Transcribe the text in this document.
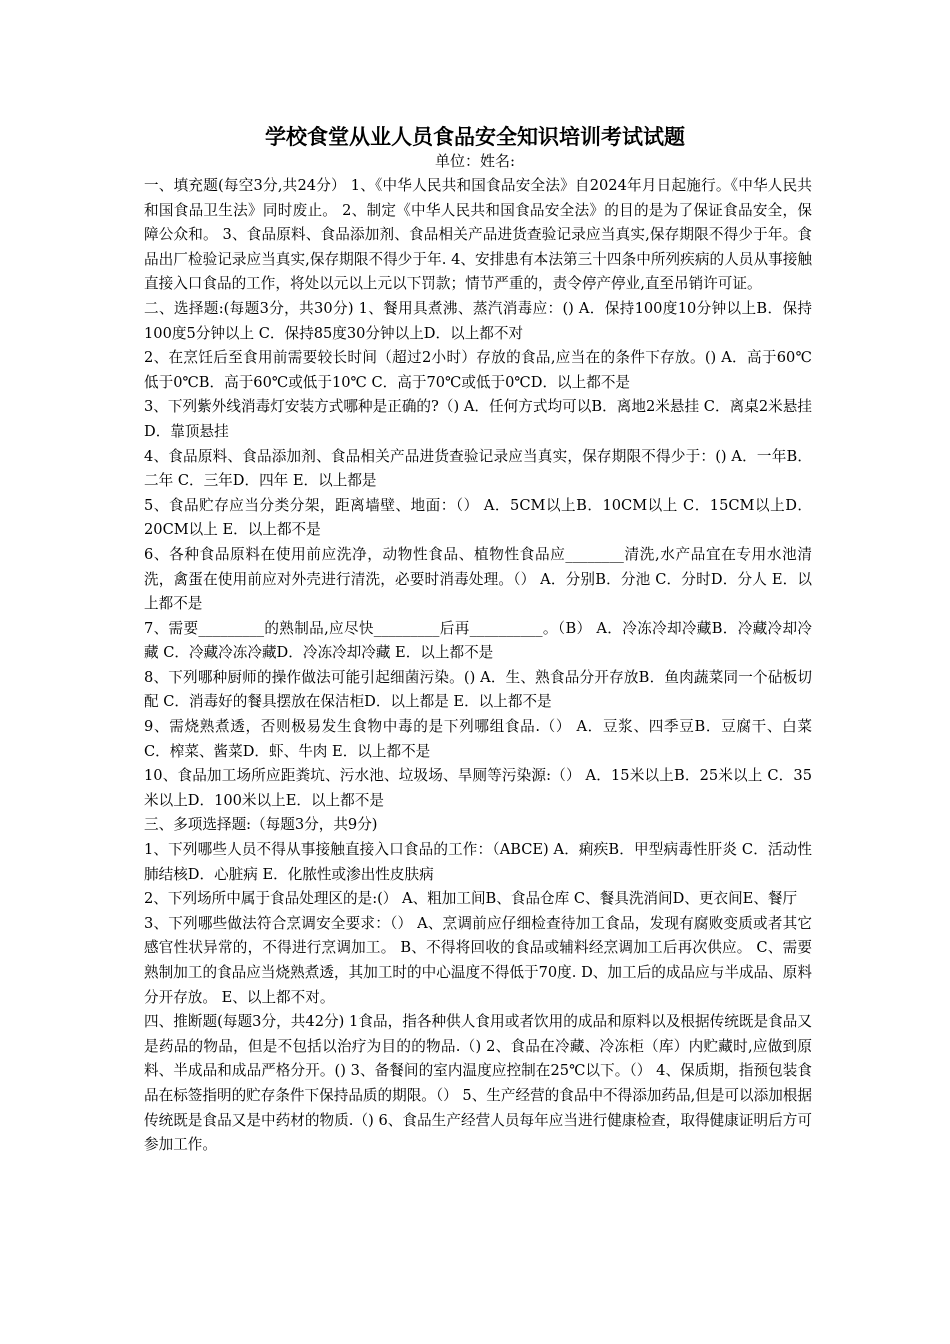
学校食堂从业人员食品安全知识培训考试试题
单位：姓名:

一、填充题(每空3分,共24分） 1、《中华人民共和国食品安全法》自2024年月日起施行。《中华人民共和国食品卫生法》同时废止。 2、制定《中华人民共和国食品安全法》的目的是为了保证食品安全，保障公众和。 3、食品原料、食品添加剂、食品相关产品进货查验记录应当真实,保存期限不得少于年。食品出厂检验记录应当真实,保存期限不得少于年. 4、安排患有本法第三十四条中所列疾病的人员从事接触直接入口食品的工作，将处以元以上元以下罚款；情节严重的，责令停产停业,直至吊销许可证。

二、选择题:(每题3分，共30分) 1、餐用具煮沸、蒸汽消毒应：() A．保持100度10分钟以上B．保持100度5分钟以上 C．保持85度30分钟以上D．以上都不对

2、在烹饪后至食用前需要较长时间（超过2小时）存放的食品,应当在的条件下存放。() A．高于60℃低于0℃B．高于60℃或低于10℃ C．高于70℃或低于0℃D．以上都不是

3、下列紫外线消毒灯安装方式哪种是正确的?（) A．任何方式均可以B．离地2米悬挂 C．离桌2米悬挂D．靠顶悬挂

4、食品原料、食品添加剂、食品相关产品进货查验记录应当真实，保存期限不得少于：() A．一年B．二年 C．三年D．四年 E．以上都是

5、食品贮存应当分类分架，距离墙壁、地面：（） A．5CM以上B．10CM以上 C．15CM以上D．20CM以上 E．以上都不是

6、各种食品原料在使用前应洗净，动物性食品、植物性食品应________清洗,水产品宜在专用水池清洗，禽蛋在使用前应对外壳进行清洗，必要时消毒处理。（） A．分别B．分池 C．分时D．分人 E．以上都不是

7、需要_________的熟制品,应尽快_________后再__________。（B） A．冷冻冷却冷藏B．冷藏冷却冷藏 C．冷藏冷冻冷藏D．冷冻冷却冷藏 E．以上都不是

8、下列哪种厨师的操作做法可能引起细菌污染。() A．生、熟食品分开存放B．鱼肉蔬菜同一个砧板切配 C．消毒好的餐具摆放在保洁柜D．以上都是 E．以上都不是

9、需烧熟煮透，否则极易发生食物中毒的是下列哪组食品.（） A．豆浆、四季豆B．豆腐干、白菜 C．榨菜、酱菜D．虾、牛肉 E．以上都不是

10、食品加工场所应距粪坑、污水池、垃圾场、旱厕等污染源:（） A．15米以上B．25米以上 C．35米以上D．100米以上E．以上都不是

三、多项选择题:（每题3分，共9分)

1、下列哪些人员不得从事接触直接入口食品的工作：（ABCE) A．痢疾B．甲型病毒性肝炎 C．活动性肺结核D．心脏病 E．化脓性或渗出性皮肤病

2、下列场所中属于食品处理区的是:(） A、粗加工间B、食品仓库 C、餐具洗消间D、更衣间E、餐厅

3、下列哪些做法符合烹调安全要求：（） A、烹调前应仔细检查待加工食品，发现有腐败变质或者其它感官性状异常的，不得进行烹调加工。 B、不得将回收的食品或辅料经烹调加工后再次供应。 C、需要熟制加工的食品应当烧熟煮透，其加工时的中心温度不得低于70度. D、加工后的成品应与半成品、原料分开存放。 E、以上都不对。

四、推断题(每题3分，共42分) 1食品，指各种供人食用或者饮用的成品和原料以及根据传统既是食品又是药品的物品，但是不包括以治疗为目的的物品.（) 2、食品在冷藏、冷冻柜（库）内贮藏时,应做到原料、半成品和成品严格分开。() 3、备餐间的室内温度应控制在25℃以下。（） 4、保质期，指预包装食品在标签指明的贮存条件下保持品质的期限。（） 5、生产经营的食品中不得添加药品,但是可以添加根据传统既是食品又是中药材的物质.（) 6、食品生产经营人员每年应当进行健康检查，取得健康证明后方可参加工作。
